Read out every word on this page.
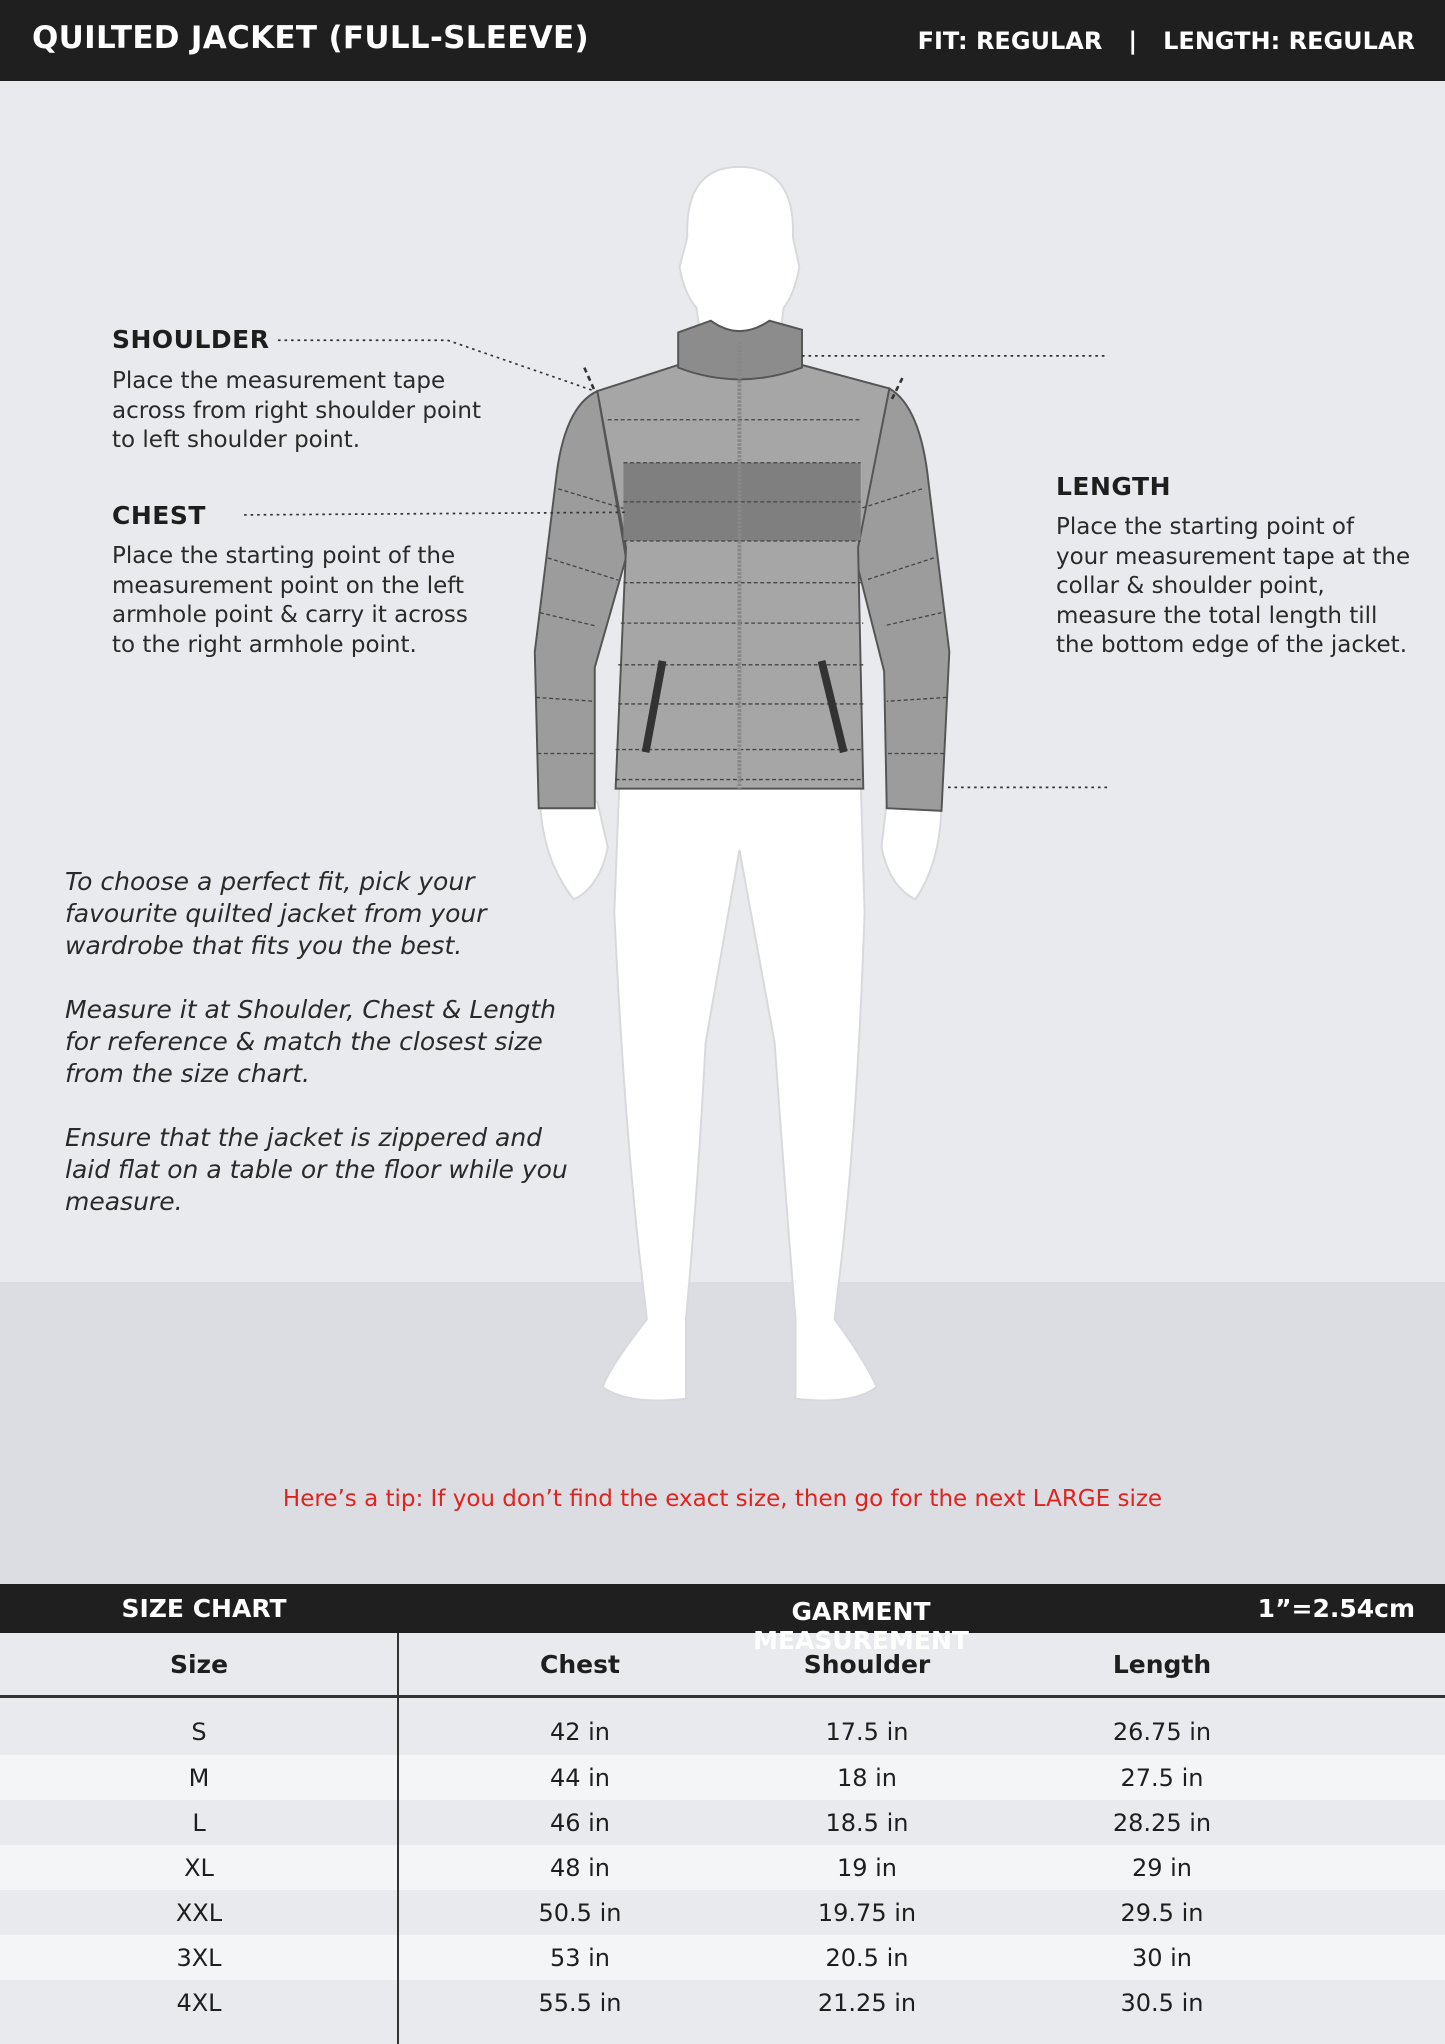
QUILTED JACKET (FULL-SLEEVE)	FIT: REGULAR | LENGTH: REGULAR
SHOULDER
Place the measurement tape
across from right shoulder point
to left shoulder point.
CHEST
Place the starting point of the
measurement point on the left
armhole point & carry it across
to the right armhole point.
LENGTH
Place the starting point of
your measurement tape at the
collar & shoulder point,
measure the total length till
the bottom edge of the jacket.
To choose a perfect fit, pick your
favourite quilted jacket from your
wardrobe that fits you the best.
Measure it at Shoulder, Chest & Length
for reference & match the closest size
from the size chart.
Ensure that the jacket is zippered and
laid flat on a table or the floor while you
measure.
Here’s a tip: If you don’t find the exact size, then go for the next LARGE size
SIZE CHART	GARMENT MEASUREMENT
1”=2.54cm
Size	Chest	Shoulder	Length
S	42 in	17.5 in	26.75 in
M	44 in	18 in	27.5 in
L	46 in	18.5 in	28.25 in
XL	48 in	19 in	29 in
XXL	50.5 in	19.75 in	29.5 in
3XL	53 in	20.5 in	30 in
4XL	55.5 in	21.25 in	30.5 in
